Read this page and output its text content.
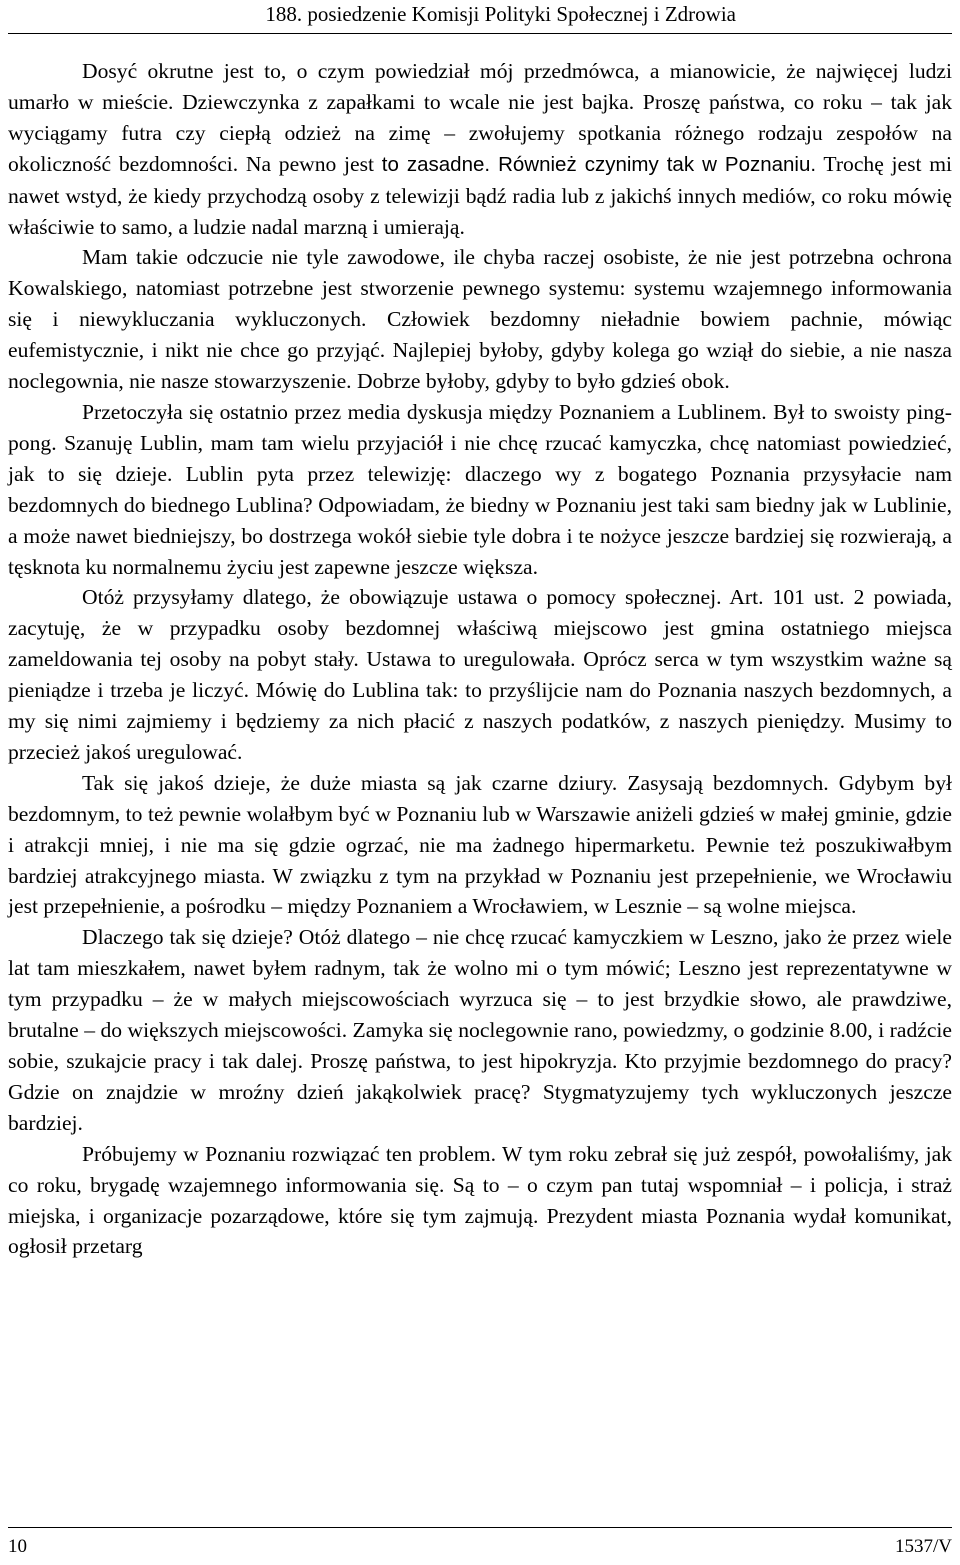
188. posiedzenie Komisji Polityki Społecznej i Zdrowia

Dosyć okrutne jest to, o czym powiedział mój przedmówca, a mianowicie, że najwięcej ludzi umarło w mieście. Dziewczynka z zapałkami to wcale nie jest bajka. Proszę państwa, co roku – tak jak wyciągamy futra czy ciepłą odzież na zimę – zwołujemy spotkania różnego rodzaju zespołów na okoliczność bezdomności. Na pewno jest to zasadne. Również czynimy tak w Poznaniu. Trochę jest mi nawet wstyd, że kiedy przychodzą osoby z telewizji bądź radia lub z jakichś innych mediów, co roku mówię właściwie to samo, a ludzie nadal marzną i umierają.

Mam takie odczucie nie tyle zawodowe, ile chyba raczej osobiste, że nie jest potrzebna ochrona Kowalskiego, natomiast potrzebne jest stworzenie pewnego systemu: systemu wzajemnego informowania się i niewykluczania wykluczonych. Człowiek bezdomny nieładnie bowiem pachnie, mówiąc eufemistycznie, i nikt nie chce go przyjąć. Najlepiej byłoby, gdyby kolega go wziął do siebie, a nie nasza noclegownia, nie nasze stowarzyszenie. Dobrze byłoby, gdyby to było gdzieś obok.

Przetoczyła się ostatnio przez media dyskusja między Poznaniem a Lublinem. Był to swoisty ping-pong. Szanuję Lublin, mam tam wielu przyjaciół i nie chcę rzucać kamyczka, chcę natomiast powiedzieć, jak to się dzieje. Lublin pyta przez telewizję: dlaczego wy z bogatego Poznania przysyłacie nam bezdomnych do biednego Lublina? Odpowiadam, że biedny w Poznaniu jest taki sam biedny jak w Lublinie, a może nawet biedniejszy, bo dostrzega wokół siebie tyle dobra i te nożyce jeszcze bardziej się rozwierają, a tęsknota ku normalnemu życiu jest zapewne jeszcze większa.

Otóż przysyłamy dlatego, że obowiązuje ustawa o pomocy społecznej. Art. 101 ust. 2 powiada, zacytuję, że w przypadku osoby bezdomnej właściwą miejscowo jest gmina ostatniego miejsca zameldowania tej osoby na pobyt stały. Ustawa to uregulowała. Oprócz serca w tym wszystkim ważne są pieniądze i trzeba je liczyć. Mówię do Lublina tak: to przyślijcie nam do Poznania naszych bezdomnych, a my się nimi zajmiemy i będziemy za nich płacić z naszych podatków, z naszych pieniędzy. Musimy to przecież jakoś uregulować.

Tak się jakoś dzieje, że duże miasta są jak czarne dziury. Zasysają bezdomnych. Gdybym był bezdomnym, to też pewnie wolałbym być w Poznaniu lub w Warszawie aniżeli gdzieś w małej gminie, gdzie i atrakcji mniej, i nie ma się gdzie ogrzać, nie ma żadnego hipermarketu. Pewnie też poszukiwałbym bardziej atrakcyjnego miasta. W związku z tym na przykład w Poznaniu jest przepełnienie, we Wrocławiu jest przepełnienie, a pośrodku – między Poznaniem a Wrocławiem, w Lesznie – są wolne miejsca.

Dlaczego tak się dzieje? Otóż dlatego – nie chcę rzucać kamyczkiem w Leszno, jako że przez wiele lat tam mieszkałem, nawet byłem radnym, tak że wolno mi o tym mówić; Leszno jest reprezentatywne w tym przypadku – że w małych miejscowościach wyrzuca się – to jest brzydkie słowo, ale prawdziwe, brutalne – do większych miejscowości. Zamyka się noclegownie rano, powiedzmy, o godzinie 8.00, i radźcie sobie, szukajcie pracy i tak dalej. Proszę państwa, to jest hipokryzja. Kto przyjmie bezdomnego do pracy? Gdzie on znajdzie w mroźny dzień jakąkolwiek pracę? Stygmatyzujemy tych wykluczonych jeszcze bardziej.

Próbujemy w Poznaniu rozwiązać ten problem. W tym roku zebrał się już zespół, powołaliśmy, jak co roku, brygadę wzajemnego informowania się. Są to – o czym pan tutaj wspomniał – i policja, i straż miejska, i organizacje pozarządowe, które się tym zajmują. Prezydent miasta Poznania wydał komunikat, ogłosił przetarg

10	1537/V
